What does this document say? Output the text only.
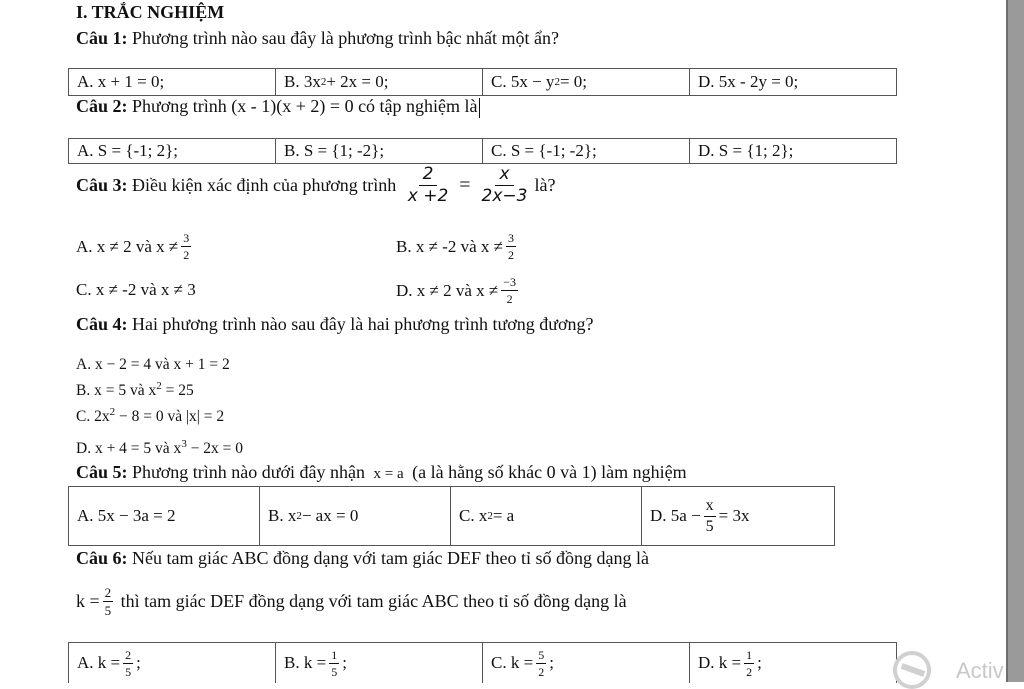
I. TRẮC NGHIỆM
Câu 1: Phương trình nào sau đây là phương trình bậc nhất một ẩn?
A. x + 1 = 0;	B. 3x 2 + 2x = 0;	C. 5x − y 2 = 0;	D. 5x - 2y = 0;
Câu 2: Phương trình (x - 1)(x + 2) = 0 có tập nghiệm là
A. S = {-1; 2};	B. S = {1; -2};	C. S = {-1; -2};	D. S = {1; 2};
Câu 3:
Điều kiện xác định của phương trình
$\frac{2}{x +2} = \frac{x}{2x-3}$ là?
A. x ≠ 2 và $x \ne \frac{3}{2}$	B. x ≠ -2 và $x \ne \frac{3}{2}$
C. x ≠ -2 và x ≠ 3	D. x ≠ 2 và $x \ne \frac{-3}{2}$
Câu 4: Hai phương trình nào sau đây là hai phương trình tương đương?
A. x − 2 = 4 và x + 1 = 2
B. x = 5 và $x^2 = 25$
C. $2x^2 - 8 = 0$ và |x| = 2
D. x + 4 = 5 và $x^3 - 2x = 0$
Câu 5: Phương trình nào dưới đây nhận x = a (a là hằng số khác 0 và 1) làm nghiệm
A. 5x − 3a = 2	B. x 2 − ax = 0	C. x 2 = a	D. $5a - \frac{x}{5} = 3x$
Câu 6: Nếu tam giác ABC đồng dạng với tam giác DEF theo tỉ số đồng dạng là
$k = \frac{2}{5}$
thì tam giác DEF đồng dạng với tam giác ABC theo tỉ số đồng dạng là
A. $k = \frac{2}{5}$ ;	B. $k = \frac{1}{5}$ ;	C. $k = \frac{5}{2}$ ;	D. $k = \frac{1}{2}$ ;	Activ
